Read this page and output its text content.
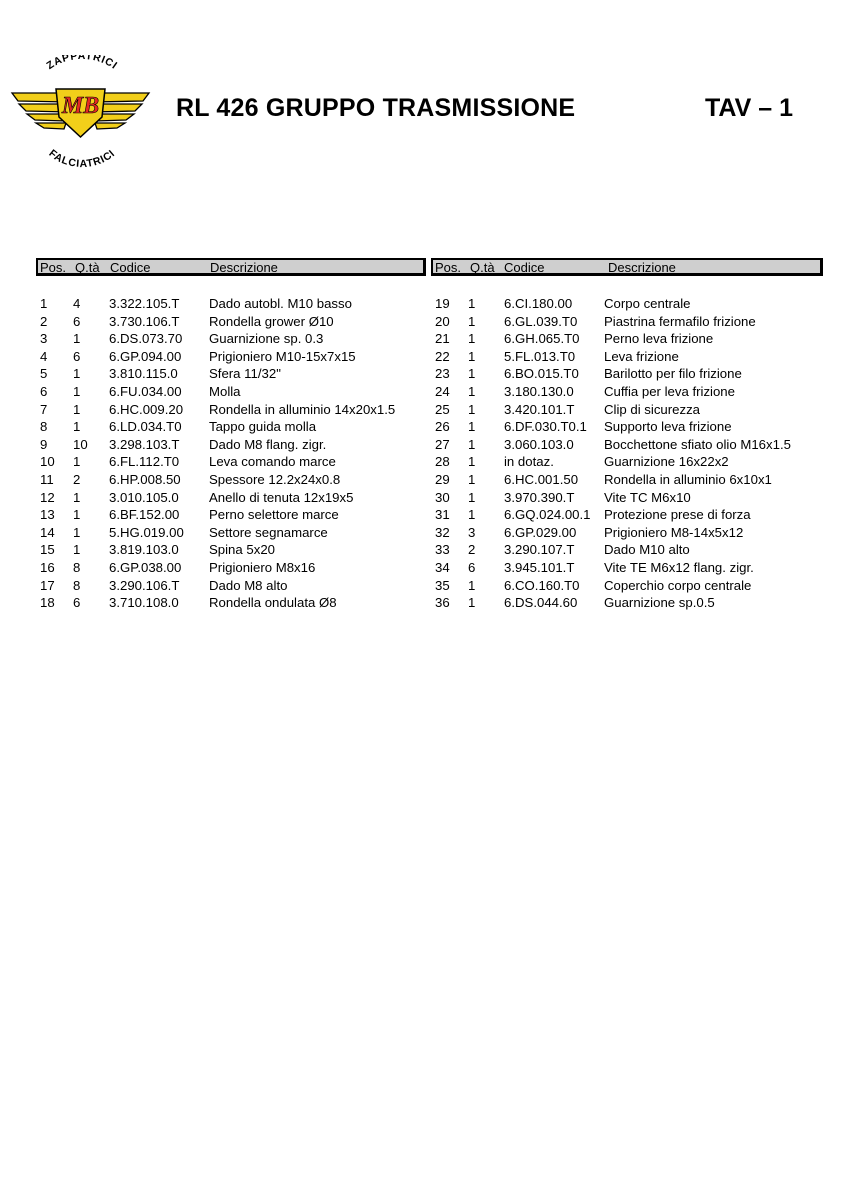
ZAPPATRICI
FALCIATRICI
MB	RL 426 GRUPPO TRASMISSIONE	TAV – 1
Pos. Q.tà Codice	Descrizione	Pos. Q.tà Codice	Descrizione
1 4 3.322.105.T Dado autobl. M10 basso
2 6 3.730.106.T Rondella grower Ø10
3 1 6.DS.073.70 Guarnizione sp. 0.3
4 6 6.GP.094.00 Prigioniero M10-15x7x15
5 1 3.810.115.0 Sfera 11/32"
6 1 6.FU.034.00 Molla
7 1 6.HC.009.20 Rondella in alluminio 14x20x1.5
8 1 6.LD.034.T0 Tappo guida molla
9 10 3.298.103.T Dado M8 flang. zigr.
10 1 6.FL.112.T0 Leva comando marce
11 2 6.HP.008.50 Spessore 12.2x24x0.8
12 1 3.010.105.0 Anello di tenuta 12x19x5
13 1 6.BF.152.00 Perno selettore marce
14 1 5.HG.019.00 Settore segnamarce
15 1 3.819.103.0 Spina 5x20
16 8 6.GP.038.00 Prigioniero M8x16
17 8 3.290.106.T Dado M8 alto
18 6 3.710.108.0 Rondella ondulata Ø8
19 1 6.CI.180.00 Corpo centrale
20 1 6.GL.039.T0 Piastrina fermafilo frizione
21 1 6.GH.065.T0 Perno leva frizione
22 1 5.FL.013.T0 Leva frizione
23 1 6.BO.015.T0 Barilotto per filo frizione
24 1 3.180.130.0 Cuffia per leva frizione
25 1 3.420.101.T Clip di sicurezza
26 1 6.DF.030.T0.1 Supporto leva frizione
27 1 3.060.103.0 Bocchettone sfiato olio M16x1.5
28 1 in dotaz.	Guarnizione 16x22x2
29 1 6.HC.001.50 Rondella in alluminio 6x10x1
30 1 3.970.390.T Vite TC M6x10
31 1 6.GQ.024.00.1 Protezione prese di forza
32 3 6.GP.029.00 Prigioniero M8-14x5x12
33 2 3.290.107.T Dado M10 alto
34 6 3.945.101.T Vite TE M6x12 flang. zigr.
35 1 6.CO.160.T0 Coperchio corpo centrale
36 1 6.DS.044.60 Guarnizione sp.0.5
